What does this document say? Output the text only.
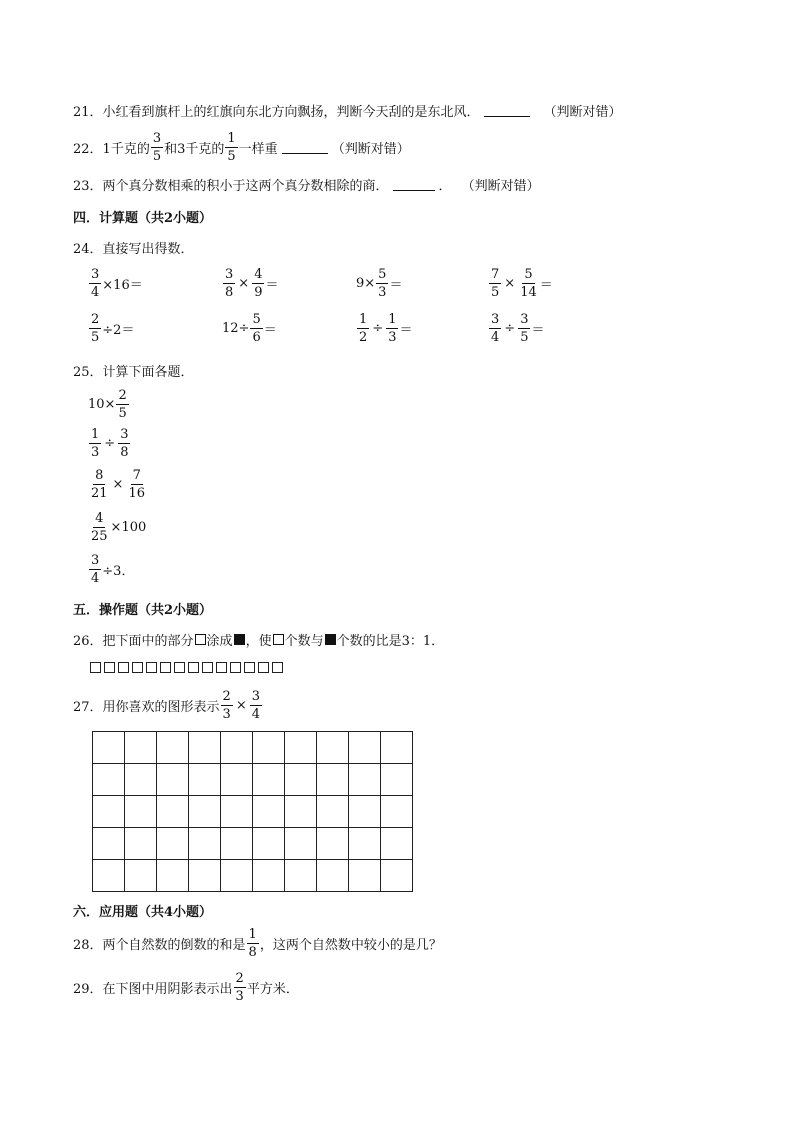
21．小红看到旗杆上的红旗向东北方向飘扬，判断今天刮的是东北风．	（判断对错）
22．1千克的 $\frac{3}{5}$ 和3千克的 $\frac{1}{5}$ 一样重	（判断对错）
23．两个真分数相乘的积小于这两个真分数相除的商．	． （判断对错）
四．计算题（共2小题）
24．直接写出得数．
$\frac{3}{4} \times 16=$	$\frac{3}{8} \times \frac{4}{9}$ ＝	$9\times \frac{5}{3}$ ＝	$\frac{7}{5} \times \frac{5}{14}$ ＝
$\frac{2}{5} \div 2=$	$12\div \frac{5}{6}$ ＝	$\frac{1}{2} \div \frac{1}{3}$ ＝	$\frac{3}{4} \div \frac{3}{5}$ ＝
25．计算下面各题．
$10\times \frac{2}{5}$
$\frac{1}{3} \div \frac{3}{8}$
$\frac{8}{21} \times \frac{7}{16}$
$\frac{4}{25} \times 100$
$\frac{3}{4} \div 3$．
五．操作题（共2小题）
26．把下面中的部分 涂成 ，使 个数与 个数的比是3：1．
27．用你喜欢的图形表示 $\frac{2}{3} \times \frac{3}{4}$
六．应用题（共4小题）
28．两个自然数的倒数的和是 $\frac{1}{8}$ ，这两个自然数中较小的是几？
29．在下图中用阴影表示出 $\frac{2}{3}$ 平方米．
